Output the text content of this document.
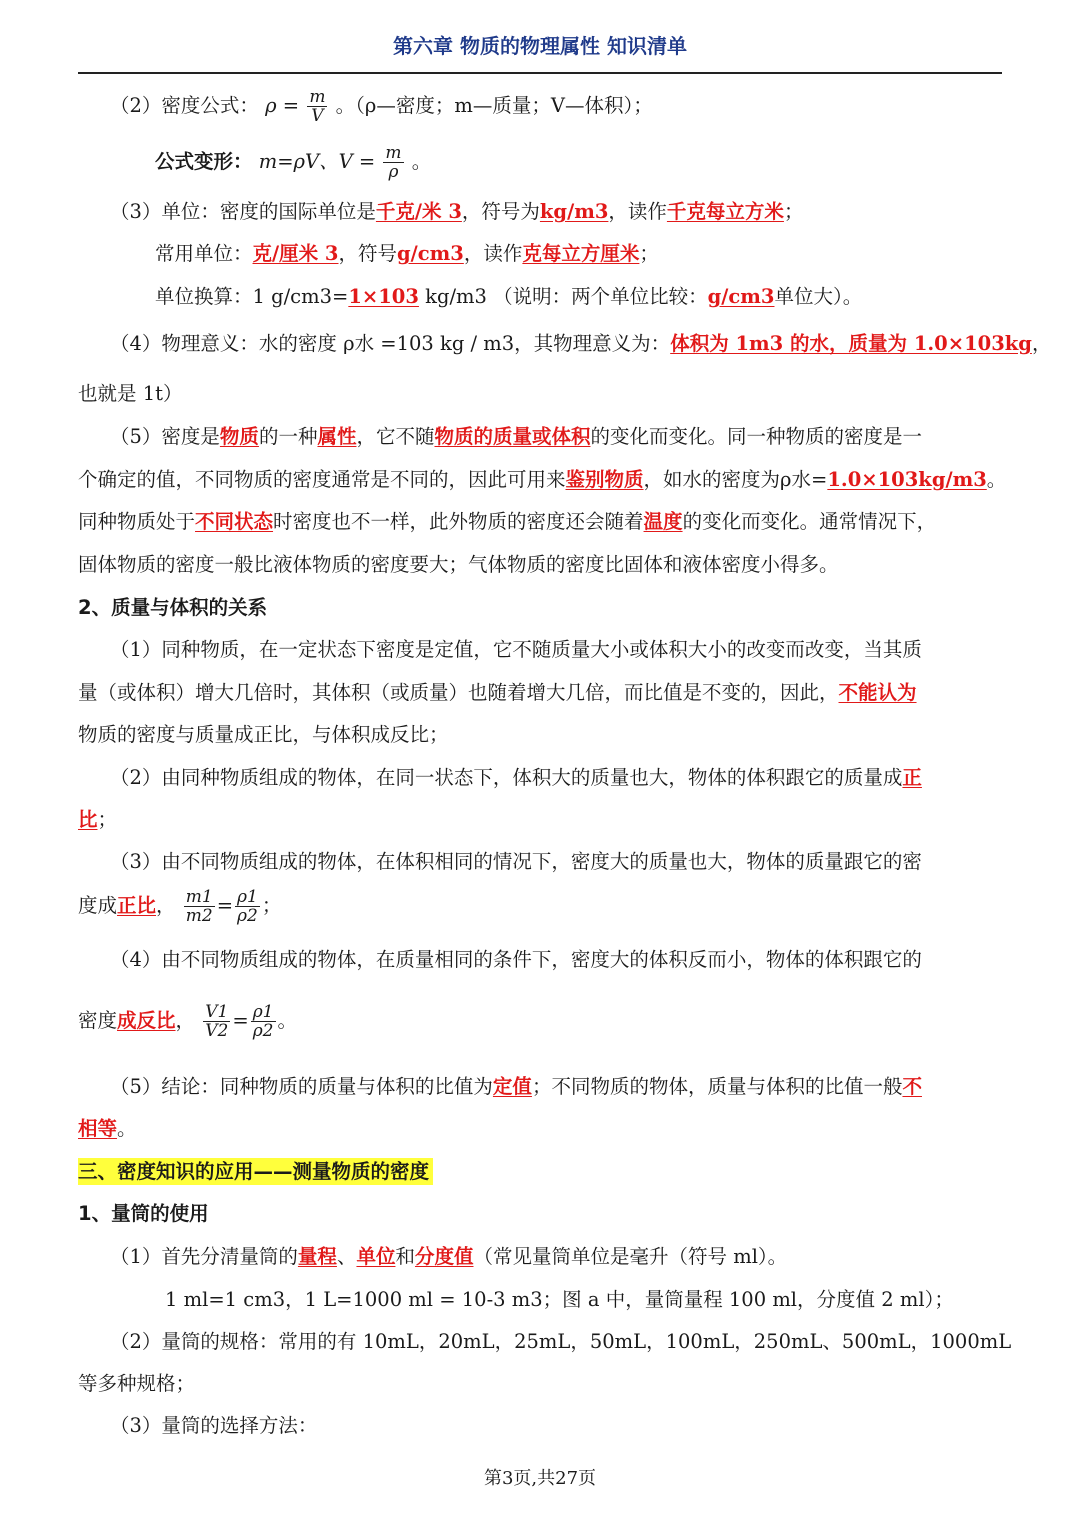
第六章 物质的物理属性 知识清单
（2）密度公式： $\rho = \frac{m}{V}$ 。（ρ—密度；m—质量；V—体积）；
公式变形： m=ρV、$V = \frac{m}{\rho}$ 。
（3）单位：密度的国际单位是千克/米 3，符号为kg/m3，读作千克每立方米；
常用单位：克/厘米 3，符号g/cm3，读作克每立方厘米；
单位换算：1 g/cm3=1×103 kg/m3 （说明：两个单位比较：g/cm3单位大）。
（4）物理意义：水的密度 ρ水 =103 kg / m3，其物理意义为：体积为 1m3 的水，质量为 1.0×103kg，
也就是 1t）
（5）密度是物质的一种属性，它不随物质的质量或体积的变化而变化。同一种物质的密度是一
个确定的值，不同物质的密度通常是不同的，因此可用来鉴别物质，如水的密度为ρ水=1.0×103kg/m3。
同种物质处于不同状态时密度也不一样，此外物质的密度还会随着温度的变化而变化。通常情况下，
固体物质的密度一般比液体物质的密度要大；气体物质的密度比固体和液体密度小得多。
2、质量与体积的关系
（1）同种物质，在一定状态下密度是定值，它不随质量大小或体积大小的改变而改变，当其质
量（或体积）增大几倍时，其体积（或质量）也随着增大几倍，而比值是不变的，因此，不能认为
物质的密度与质量成正比，与体积成反比；
（2）由同种物质组成的物体，在同一状态下，体积大的质量也大，物体的体积跟它的质量成正
比；
（3）由不同物质组成的物体，在体积相同的情况下，密度大的质量也大，物体的质量跟它的密
度成正比， $\frac{m1}{m2} = \frac{\rho 1}{\rho 2}$ ；
（4）由不同物质组成的物体，在质量相同的条件下，密度大的体积反而小，物体的体积跟它的
密度成反比， $\frac{V1}{V2} = \frac{\rho 1}{\rho 2}$ 。
（5）结论：同种物质的质量与体积的比值为定值；不同物质的物体，质量与体积的比值一般不
相等。
三、密度知识的应用——测量物质的密度
1、量筒的使用
（1）首先分清量筒的量程、单位和分度值（常见量筒单位是毫升（符号 ml）。
1 ml=1 cm3，1 L=1000 ml = 10-3 m3；图 a 中，量筒量程 100 ml，分度值 2 ml）；
（2）量筒的规格：常用的有 10mL，20mL，25mL，50mL，100mL，250mL、500mL，1000mL
等多种规格；
（3）量筒的选择方法：
第3页,共27页
